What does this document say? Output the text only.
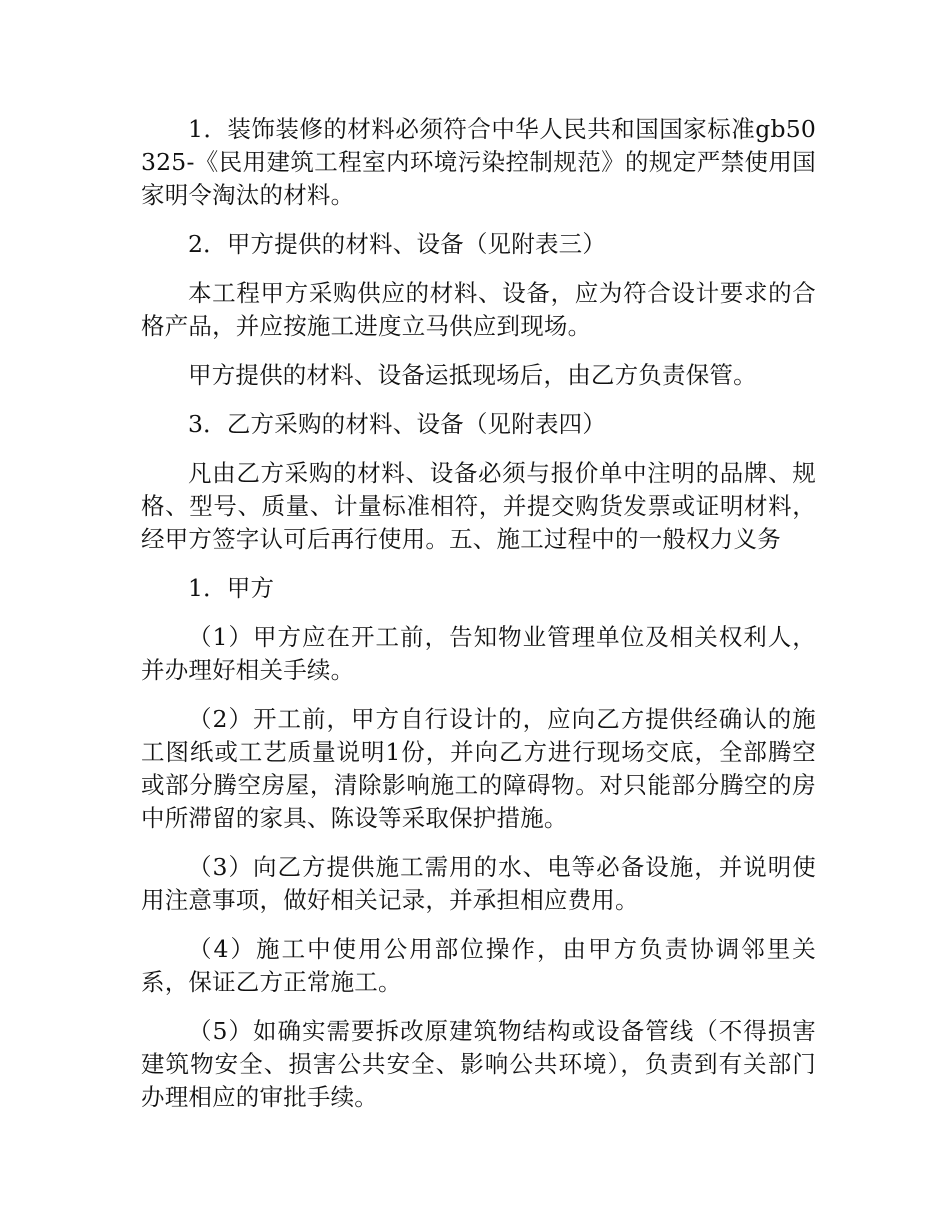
1．装饰装修的材料必须符合中华人民共和国国家标准gb50325-《民用建筑工程室内环境污染控制规范》的规定严禁使用国家明令淘汰的材料。

2．甲方提供的材料、设备（见附表三）

本工程甲方采购供应的材料、设备，应为符合设计要求的合格产品，并应按施工进度立马供应到现场。

甲方提供的材料、设备运抵现场后，由乙方负责保管。

3．乙方采购的材料、设备（见附表四）

凡由乙方采购的材料、设备必须与报价单中注明的品牌、规格、型号、质量、计量标准相符，并提交购货发票或证明材料，经甲方签字认可后再行使用。五、施工过程中的一般权力义务

1．甲方

（1）甲方应在开工前，告知物业管理单位及相关权利人，并办理好相关手续。

（2）开工前，甲方自行设计的，应向乙方提供经确认的施工图纸或工艺质量说明1份，并向乙方进行现场交底，全部腾空或部分腾空房屋，清除影响施工的障碍物。对只能部分腾空的房中所滞留的家具、陈设等采取保护措施。

（3）向乙方提供施工需用的水、电等必备设施，并说明使用注意事项，做好相关记录，并承担相应费用。

（4）施工中使用公用部位操作，由甲方负责协调邻里关系，保证乙方正常施工。

（5）如确实需要拆改原建筑物结构或设备管线（不得损害建筑物安全、损害公共安全、影响公共环境），负责到有关部门办理相应的审批手续。
